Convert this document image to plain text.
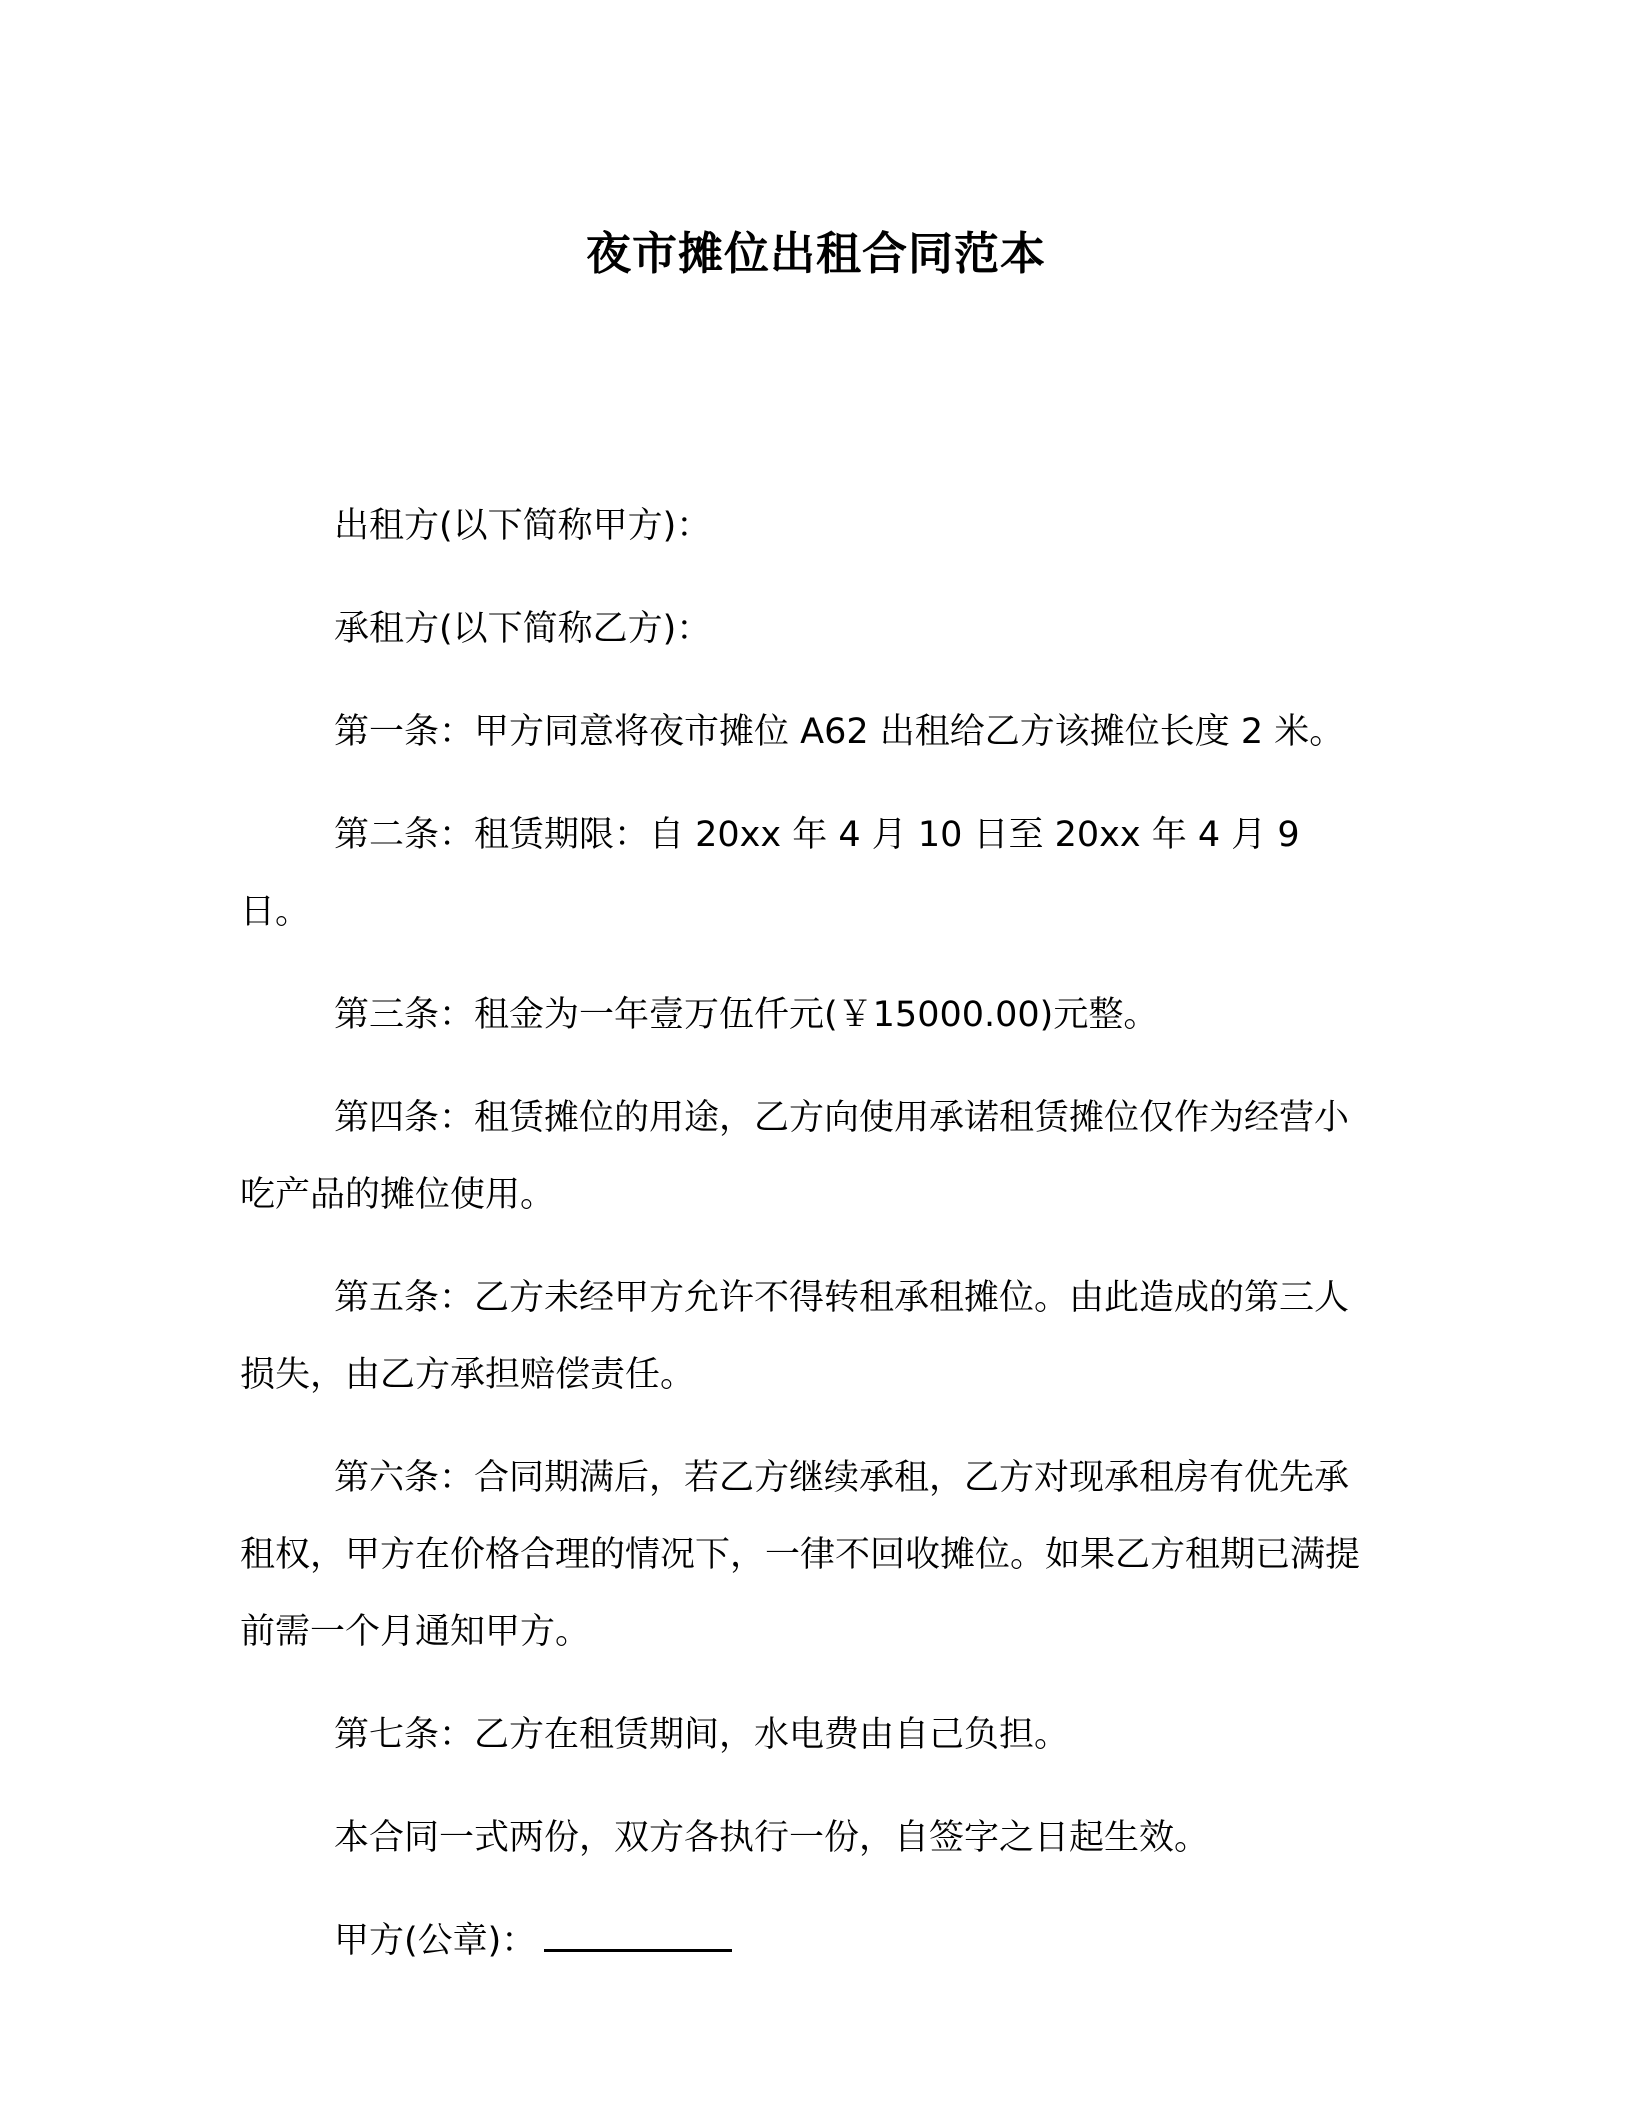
夜市摊位出租合同范本

出租方(以下简称甲方)：

承租方(以下简称乙方)：

第一条：甲方同意将夜市摊位 A62 出租给乙方该摊位长度 2 米。

第二条：租赁期限：自 20xx 年 4 月 10 日至 20xx 年 4 月 9 日。

第三条：租金为一年壹万伍仟元(￥15000.00)元整。

第四条：租赁摊位的用途，乙方向使用承诺租赁摊位仅作为经营小吃产品的摊位使用。

第五条：乙方未经甲方允许不得转租承租摊位。由此造成的第三人损失，由乙方承担赔偿责任。

第六条：合同期满后，若乙方继续承租，乙方对现承租房有优先承租权，甲方在价格合理的情况下，一律不回收摊位。如果乙方租期已满提前需一个月通知甲方。

第七条：乙方在租赁期间，水电费由自己负担。

本合同一式两份，双方各执行一份，自签字之日起生效。

甲方(公章)：
